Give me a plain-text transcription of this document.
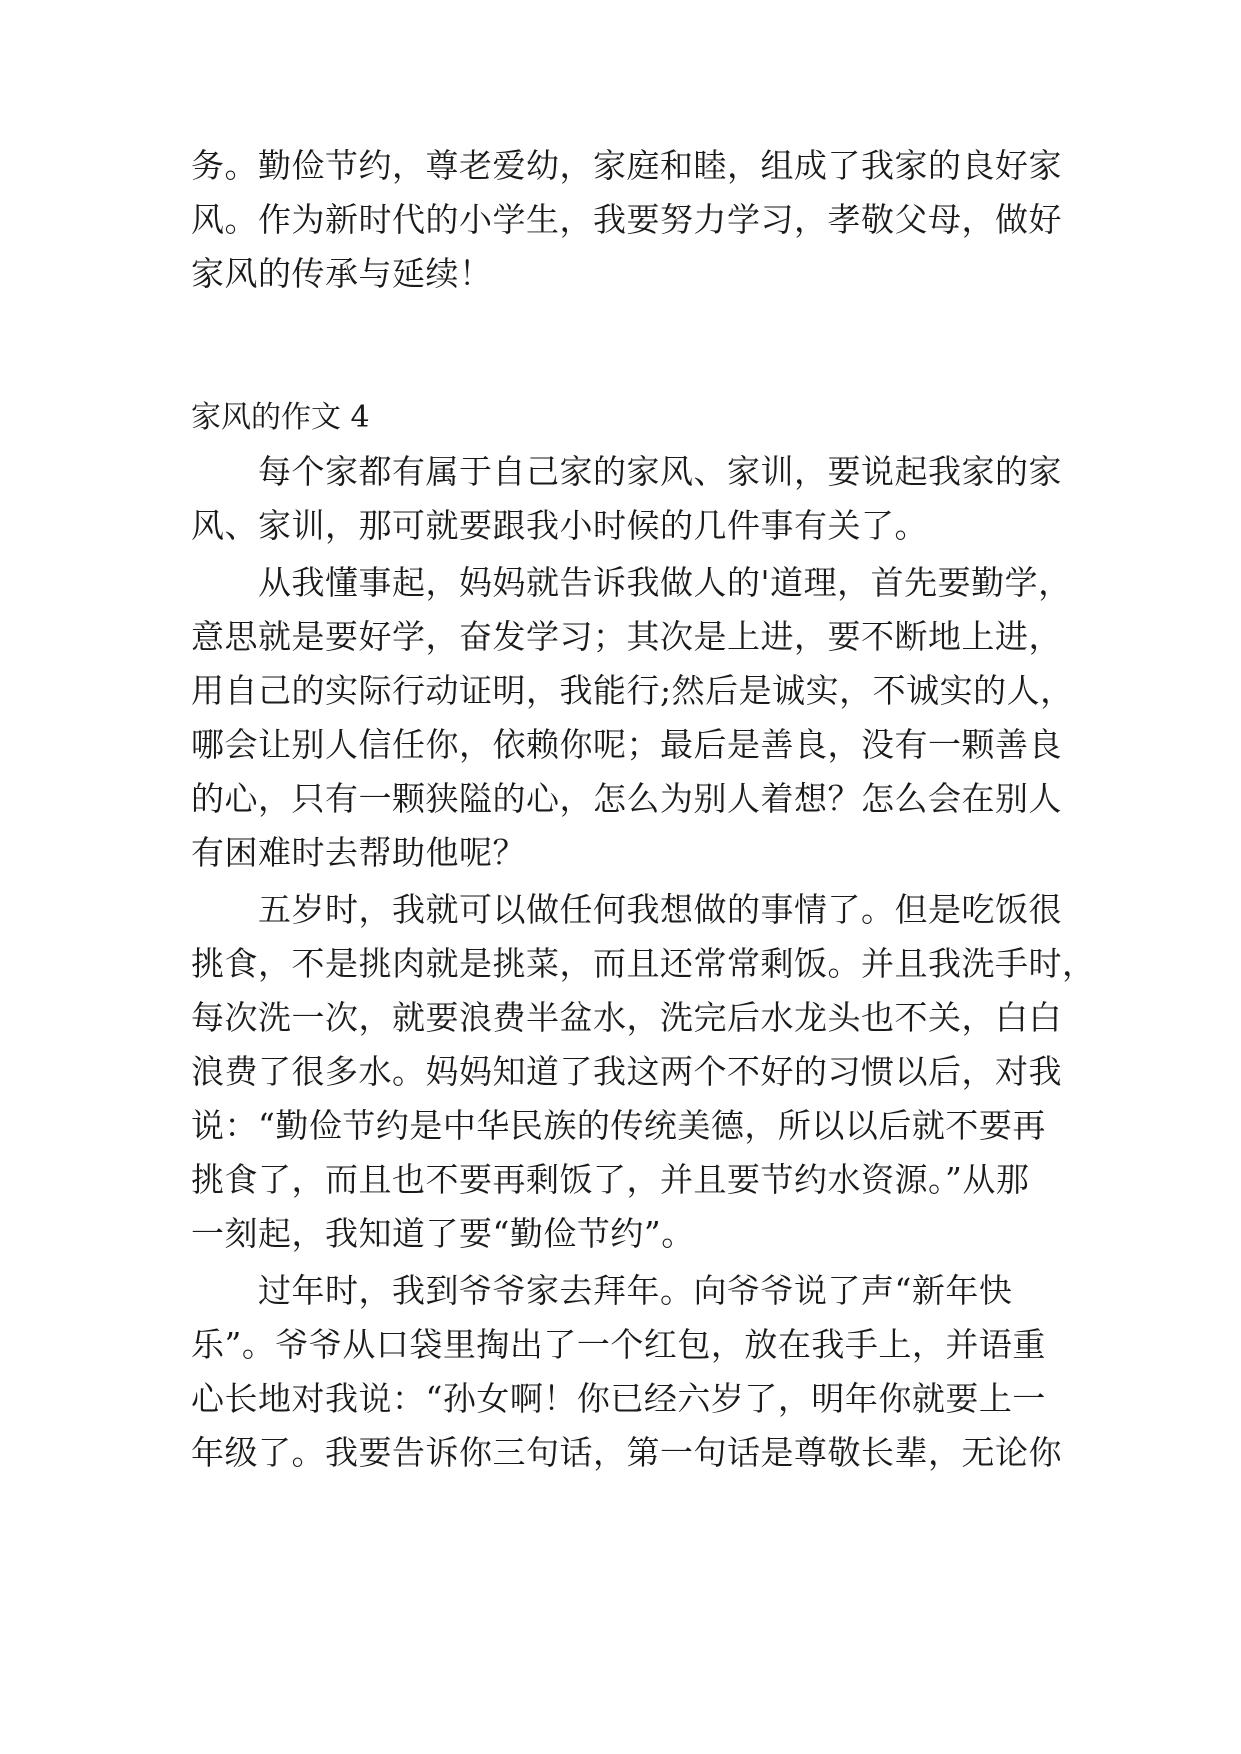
务。勤俭节约，尊老爱幼，家庭和睦，组成了我家的良好家
风。作为新时代的小学生，我要努力学习，孝敬父母，做好
家风的传承与延续！
家风的作文 4
每个家都有属于自己家的家风、家训，要说起我家的家
风、家训，那可就要跟我小时候的几件事有关了。
从我懂事起，妈妈就告诉我做人的'道理，首先要勤学，
意思就是要好学，奋发学习；其次是上进，要不断地上进，
用自己的实际行动证明，我能行;然后是诚实，不诚实的人，
哪会让别人信任你，依赖你呢；最后是善良，没有一颗善良
的心，只有一颗狭隘的心，怎么为别人着想？怎么会在别人
有困难时去帮助他呢？
五岁时，我就可以做任何我想做的事情了。但是吃饭很
挑食，不是挑肉就是挑菜，而且还常常剩饭。并且我洗手时，
每次洗一次，就要浪费半盆水，洗完后水龙头也不关，白白
浪费了很多水。妈妈知道了我这两个不好的习惯以后，对我
说：“勤俭节约是中华民族的传统美德，所以以后就不要再
挑食了，而且也不要再剩饭了，并且要节约水资源。”从那
一刻起，我知道了要“勤俭节约”。
过年时，我到爷爷家去拜年。向爷爷说了声“新年快
乐”。爷爷从口袋里掏出了一个红包，放在我手上，并语重
心长地对我说：“孙女啊！你已经六岁了，明年你就要上一
年级了。我要告诉你三句话，第一句话是尊敬长辈，无论你
